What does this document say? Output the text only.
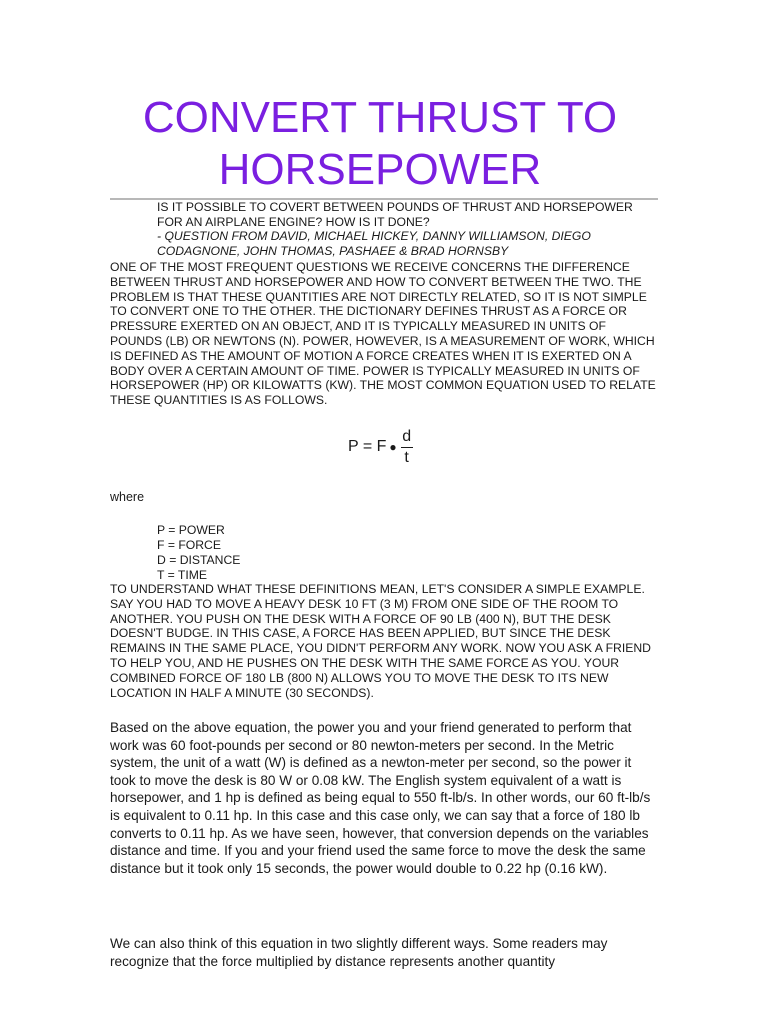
CONVERT THRUST TO HORSEPOWER

IS IT POSSIBLE TO COVERT BETWEEN POUNDS OF THRUST AND HORSEPOWER FOR AN AIRPLANE ENGINE? HOW IS IT DONE?

- QUESTION FROM DAVID, MICHAEL HICKEY, DANNY WILLIAMSON, DIEGO CODAGNONE, JOHN THOMAS, PASHAEE & BRAD HORNSBY

ONE OF THE MOST FREQUENT QUESTIONS WE RECEIVE CONCERNS THE DIFFERENCE BETWEEN THRUST AND HORSEPOWER AND HOW TO CONVERT BETWEEN THE TWO. THE PROBLEM IS THAT THESE QUANTITIES ARE NOT DIRECTLY RELATED, SO IT IS NOT SIMPLE TO CONVERT ONE TO THE OTHER. THE DICTIONARY DEFINES THRUST AS A FORCE OR PRESSURE EXERTED ON AN OBJECT, AND IT IS TYPICALLY MEASURED IN UNITS OF POUNDS (LB) OR NEWTONS (N). POWER, HOWEVER, IS A MEASUREMENT OF WORK, WHICH IS DEFINED AS THE AMOUNT OF MOTION A FORCE CREATES WHEN IT IS EXERTED ON A BODY OVER A CERTAIN AMOUNT OF TIME. POWER IS TYPICALLY MEASURED IN UNITS OF HORSEPOWER (HP) OR KILOWATTS (KW). THE MOST COMMON EQUATION USED TO RELATE THESE QUANTITIES IS AS FOLLOWS.

P = F ● $\frac{d}{t}$

where

P = POWER
F = FORCE
D = DISTANCE
T = TIME

TO UNDERSTAND WHAT THESE DEFINITIONS MEAN, LET'S CONSIDER A SIMPLE EXAMPLE. SAY YOU HAD TO MOVE A HEAVY DESK 10 FT (3 M) FROM ONE SIDE OF THE ROOM TO ANOTHER. YOU PUSH ON THE DESK WITH A FORCE OF 90 LB (400 N), BUT THE DESK DOESN'T BUDGE. IN THIS CASE, A FORCE HAS BEEN APPLIED, BUT SINCE THE DESK REMAINS IN THE SAME PLACE, YOU DIDN'T PERFORM ANY WORK. NOW YOU ASK A FRIEND TO HELP YOU, AND HE PUSHES ON THE DESK WITH THE SAME FORCE AS YOU. YOUR COMBINED FORCE OF 180 LB (800 N) ALLOWS YOU TO MOVE THE DESK TO ITS NEW LOCATION IN HALF A MINUTE (30 SECONDS).

Based on the above equation, the power you and your friend generated to perform that work was 60 foot-pounds per second or 80 newton-meters per second. In the Metric system, the unit of a watt (W) is defined as a newton-meter per second, so the power it took to move the desk is 80 W or 0.08 kW. The English system equivalent of a watt is horsepower, and 1 hp is defined as being equal to 550 ft-lb/s. In other words, our 60 ft-lb/s is equivalent to 0.11 hp. In this case and this case only, we can say that a force of 180 lb converts to 0.11 hp. As we have seen, however, that conversion depends on the variables distance and time. If you and your friend used the same force to move the desk the same distance but it took only 15 seconds, the power would double to 0.22 hp (0.16 kW).

We can also think of this equation in two slightly different ways. Some readers may recognize that the force multiplied by distance represents another quantity
